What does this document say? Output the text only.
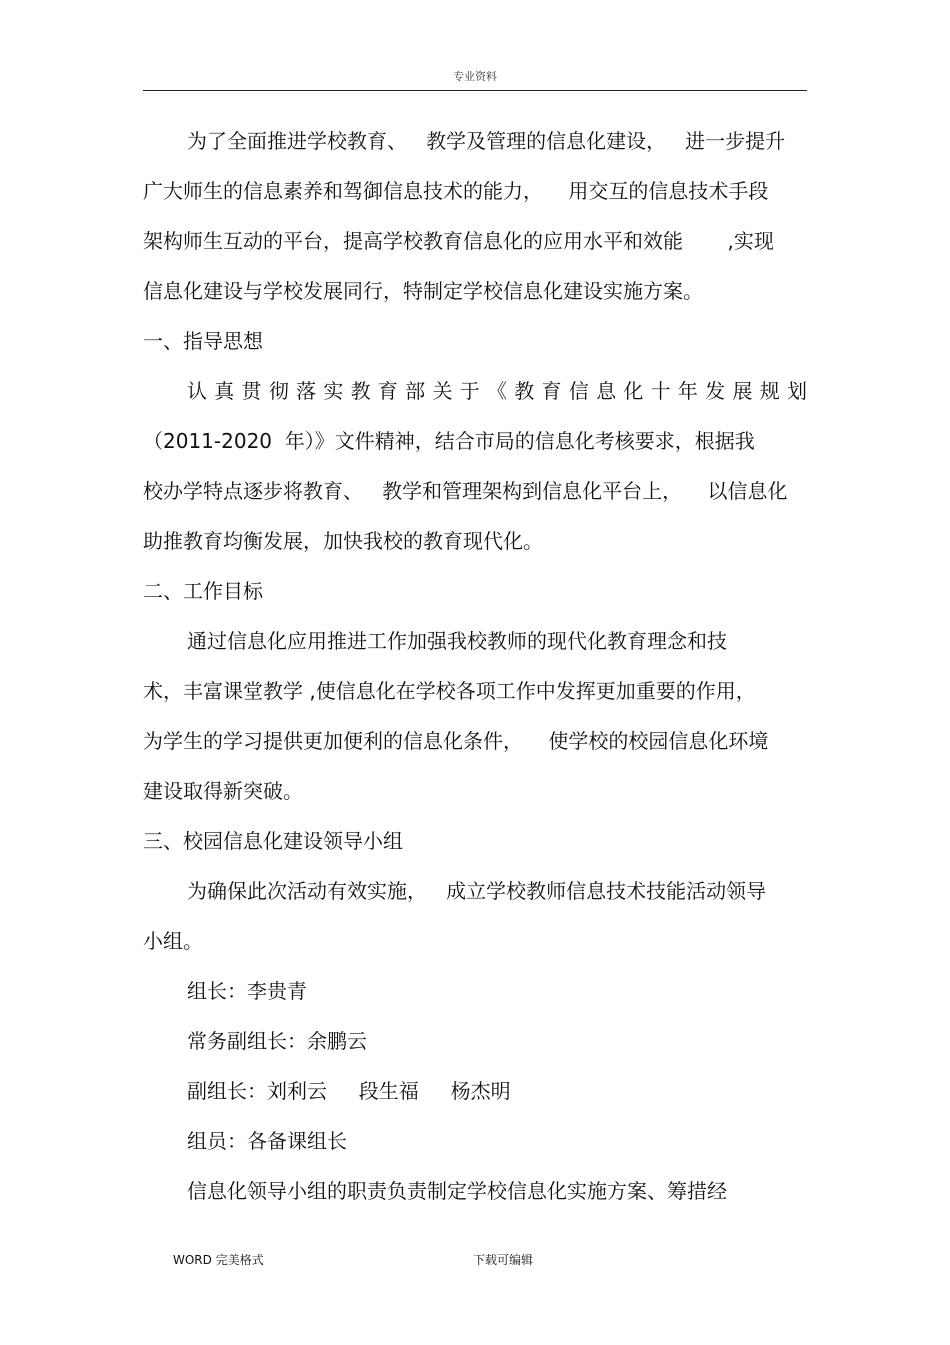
专业资料
为了全面推进学校教育、   教学及管理的信息化建设，   进一步提升
广大师生的信息素养和驾御信息技术的能力，    用交互的信息技术手段
架构师生互动的平台，提高学校教育信息化的应用水平和效能       ,实现
信息化建设与学校发展同行，特制定学校信息化建设实施方案。
一、指导思想
认真贯彻落实教育部关于《教育信息化十年发展规划
（2011-2020  年）》文件精神，结合市局的信息化考核要求，根据我
校办学特点逐步将教育、   教学和管理架构到信息化平台上，    以信息化
助推教育均衡发展，加快我校的教育现代化。
二、工作目标
通过信息化应用推进工作加强我校教师的现代化教育理念和技
术，丰富课堂教学 ,使信息化在学校各项工作中发挥更加重要的作用，
为学生的学习提供更加便利的信息化条件，    使学校的校园信息化环境
建设取得新突破。
三、校园信息化建设领导小组
为确保此次活动有效实施，   成立学校教师信息技术技能活动领导
小组。
组长：李贵青
常务副组长：余鹏云
副组长：刘利云     段生福     杨杰明
组员：各备课组长
信息化领导小组的职责负责制定学校信息化实施方案、筹措经
WORD 完美格式	下载可编辑
